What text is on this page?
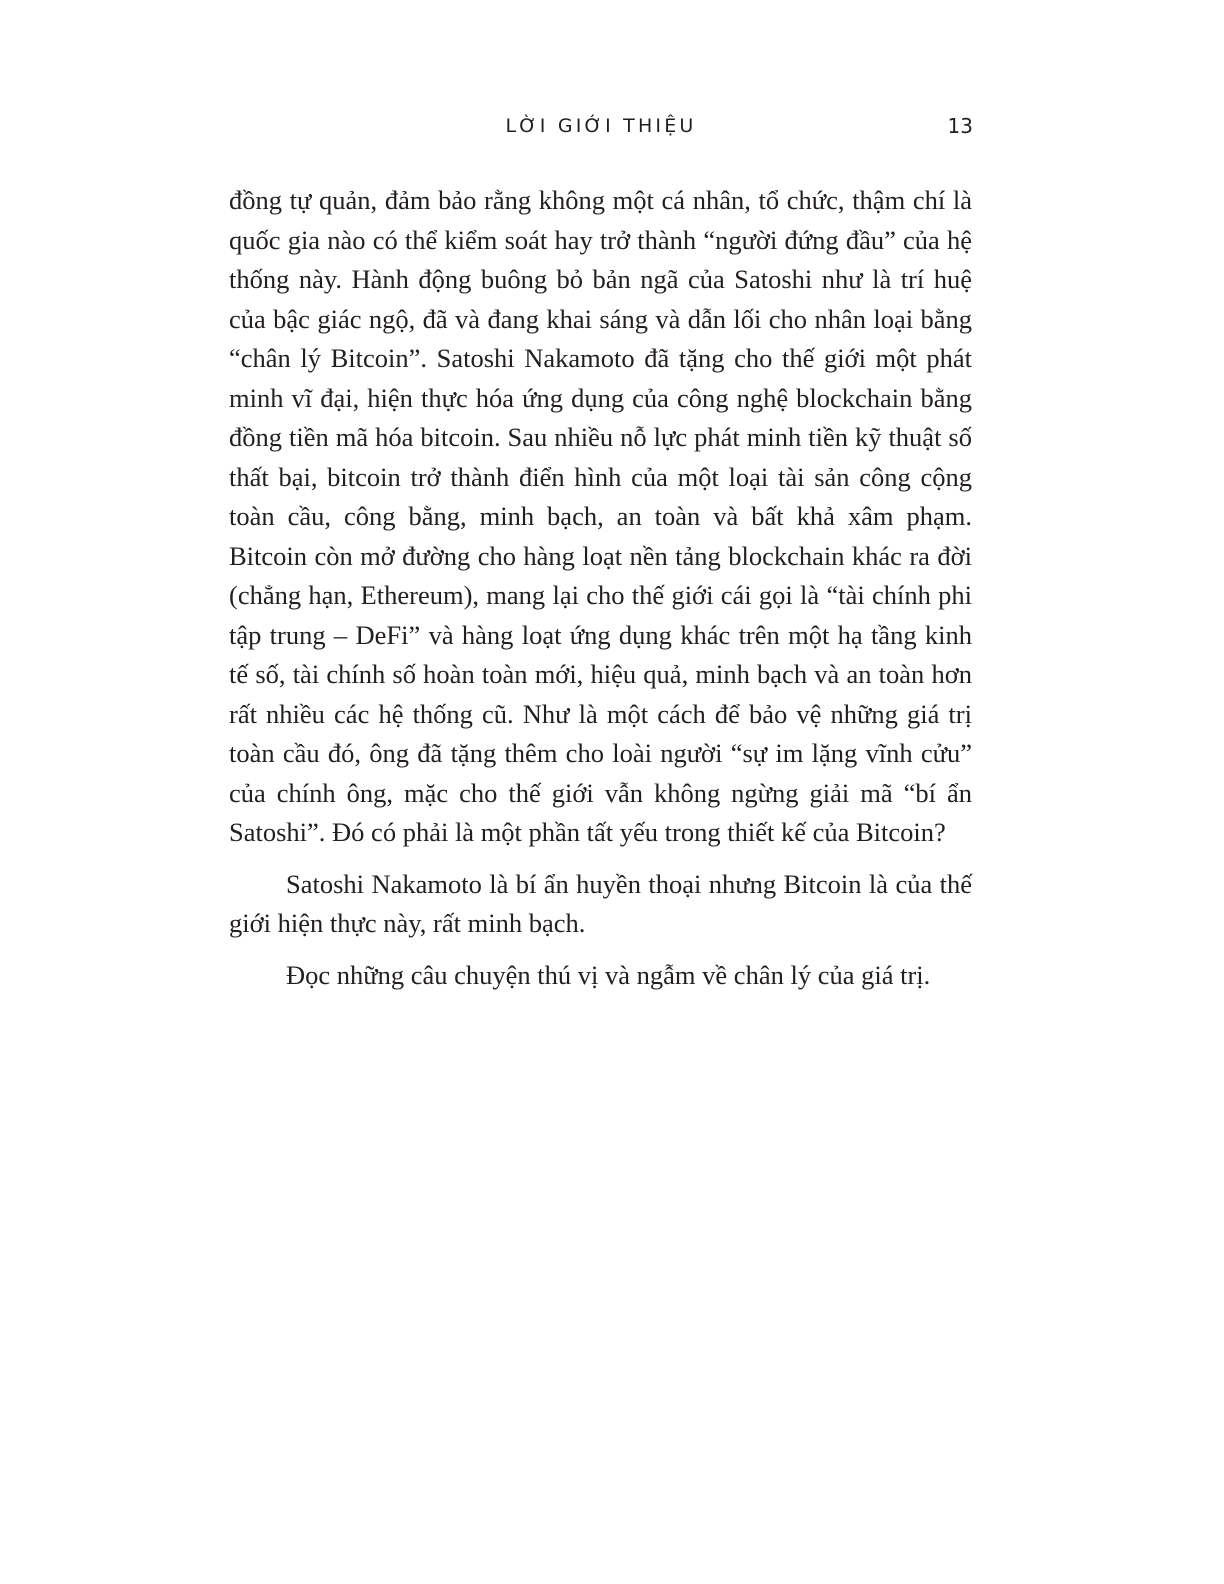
LỜI GIỚI THIỆU	13

đồng tự quản, đảm bảo rằng không một cá nhân, tổ chức, thậm chí là quốc gia nào có thể kiểm soát hay trở thành “người đứng đầu” của hệ thống này. Hành động buông bỏ bản ngã của Satoshi như là trí huệ của bậc giác ngộ, đã và đang khai sáng và dẫn lối cho nhân loại bằng “chân lý Bitcoin”. Satoshi Nakamoto đã tặng cho thế giới một phát minh vĩ đại, hiện thực hóa ứng dụng của công nghệ blockchain bằng đồng tiền mã hóa bitcoin. Sau nhiều nỗ lực phát minh tiền kỹ thuật số thất bại, bitcoin trở thành điển hình của một loại tài sản công cộng toàn cầu, công bằng, minh bạch, an toàn và bất khả xâm phạm. Bitcoin còn mở đường cho hàng loạt nền tảng blockchain khác ra đời (chẳng hạn, Ethereum), mang lại cho thế giới cái gọi là “tài chính phi tập trung – DeFi” và hàng loạt ứng dụng khác trên một hạ tầng kinh tế số, tài chính số hoàn toàn mới, hiệu quả, minh bạch và an toàn hơn rất nhiều các hệ thống cũ. Như là một cách để bảo vệ những giá trị toàn cầu đó, ông đã tặng thêm cho loài người “sự im lặng vĩnh cửu” của chính ông, mặc cho thế giới vẫn không ngừng giải mã “bí ẩn Satoshi”. Đó có phải là một phần tất yếu trong thiết kế của Bitcoin?

Satoshi Nakamoto là bí ẩn huyền thoại nhưng Bitcoin là của thế giới hiện thực này, rất minh bạch.

Đọc những câu chuyện thú vị và ngẫm về chân lý của giá trị.
